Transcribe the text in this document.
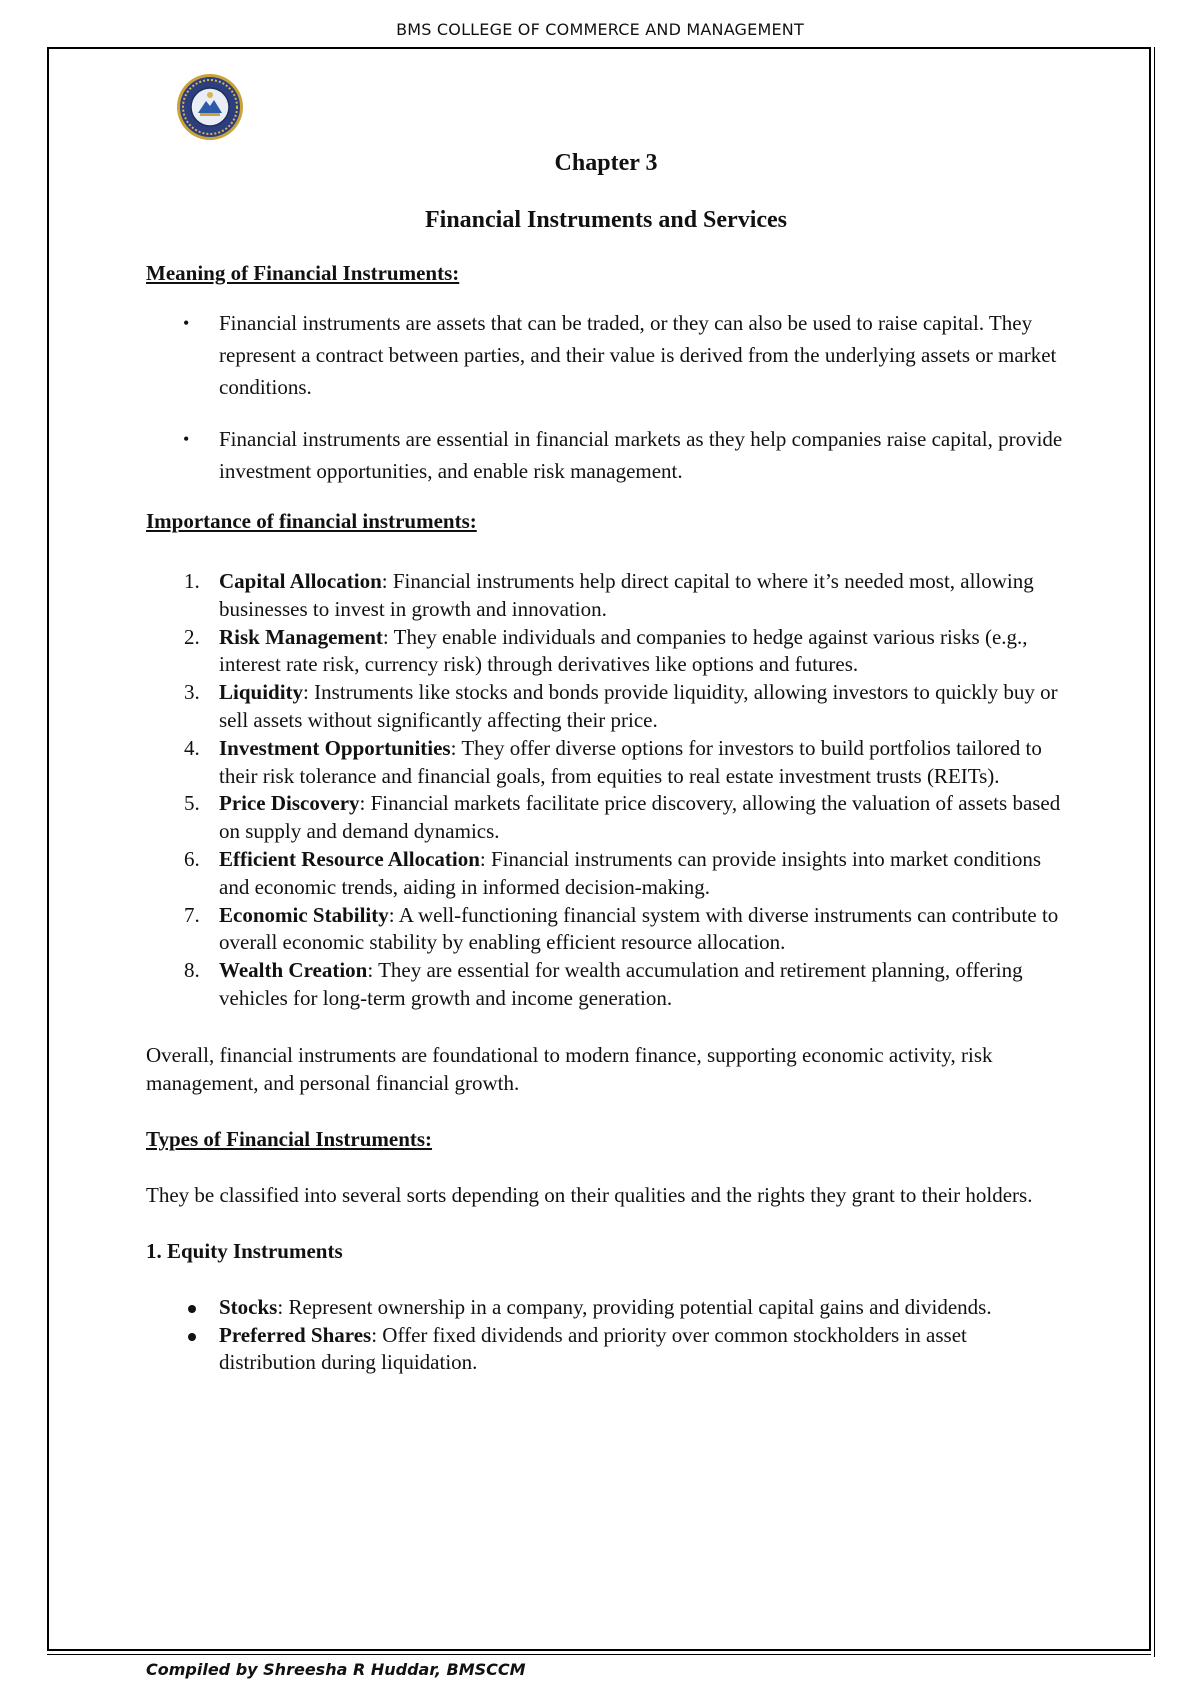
BMS COLLEGE OF COMMERCE AND MANAGEMENT
Chapter 3
Financial Instruments and Services

Meaning of Financial Instruments:

• Financial instruments are assets that can be traded, or they can also be used to raise capital. They represent a contract between parties, and their value is derived from the underlying assets or market conditions.
• Financial instruments are essential in financial markets as they help companies raise capital, provide investment opportunities, and enable risk management.

Importance of financial instruments:

1. Capital Allocation: Financial instruments help direct capital to where it’s needed most, allowing businesses to invest in growth and innovation.
2. Risk Management: They enable individuals and companies to hedge against various risks (e.g., interest rate risk, currency risk) through derivatives like options and futures.
3. Liquidity: Instruments like stocks and bonds provide liquidity, allowing investors to quickly buy or sell assets without significantly affecting their price.
4. Investment Opportunities: They offer diverse options for investors to build portfolios tailored to their risk tolerance and financial goals, from equities to real estate investment trusts (REITs).
5. Price Discovery: Financial markets facilitate price discovery, allowing the valuation of assets based on supply and demand dynamics.
6. Efficient Resource Allocation: Financial instruments can provide insights into market conditions and economic trends, aiding in informed decision-making.
7. Economic Stability: A well-functioning financial system with diverse instruments can contribute to overall economic stability by enabling efficient resource allocation.
8. Wealth Creation: They are essential for wealth accumulation and retirement planning, offering vehicles for long-term growth and income generation.

Overall, financial instruments are foundational to modern finance, supporting economic activity, risk management, and personal financial growth.

Types of Financial Instruments:

They be classified into several sorts depending on their qualities and the rights they grant to their holders.

1. Equity Instruments

Stocks: Represent ownership in a company, providing potential capital gains and dividends.
Preferred Shares: Offer fixed dividends and priority over common stockholders in asset distribution during liquidation.
Compiled by Shreesha R Huddar, BMSCCM
